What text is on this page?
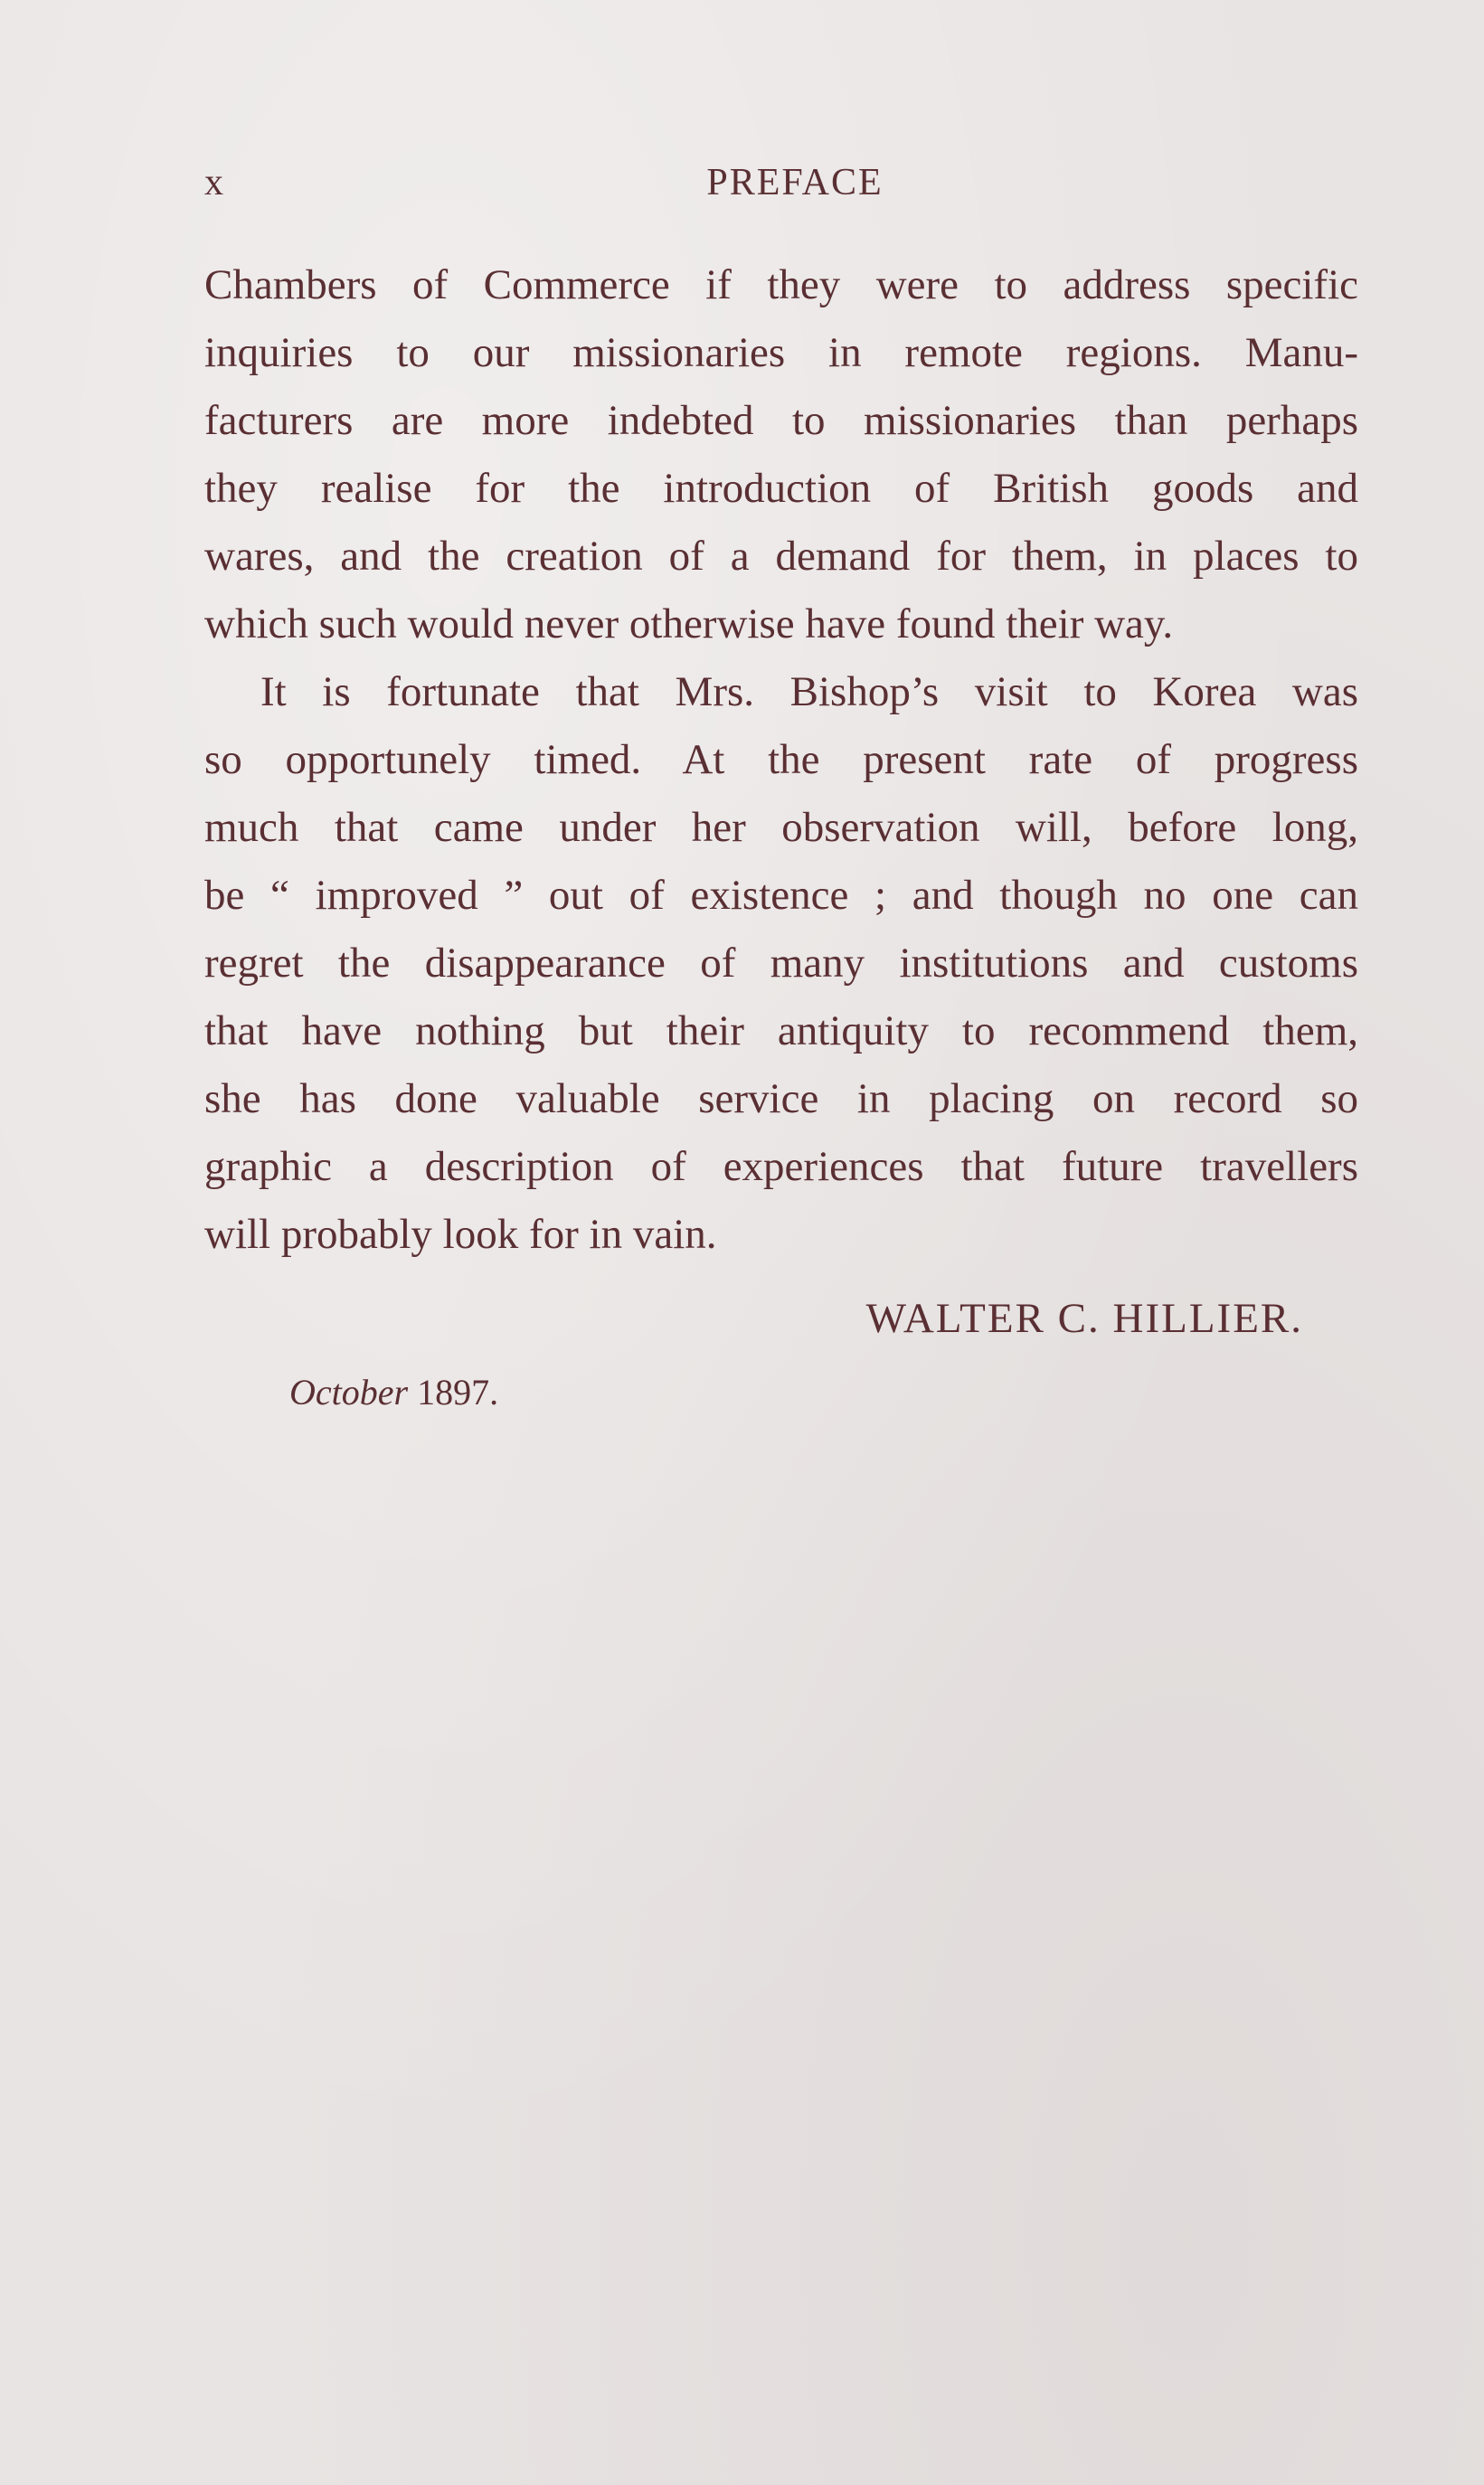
x	PREFACE
Chambers of Commerce if they were to address specific
inquiries to our missionaries in remote regions. Manu-
facturers are more indebted to missionaries than perhaps
they realise for the introduction of British goods and
wares, and the creation of a demand for them, in places to
which such would never otherwise have found their way.
It is fortunate that Mrs. Bishop’s visit to Korea was
so opportunely timed. At the present rate of progress
much that came under her observation will, before long,
be “ improved ” out of existence ; and though no one can
regret the disappearance of many institutions and customs
that have nothing but their antiquity to recommend them,
she has done valuable service in placing on record so
graphic a description of experiences that future travellers
will probably look for in vain.
WALTER C. HILLIER.
October 1897.
